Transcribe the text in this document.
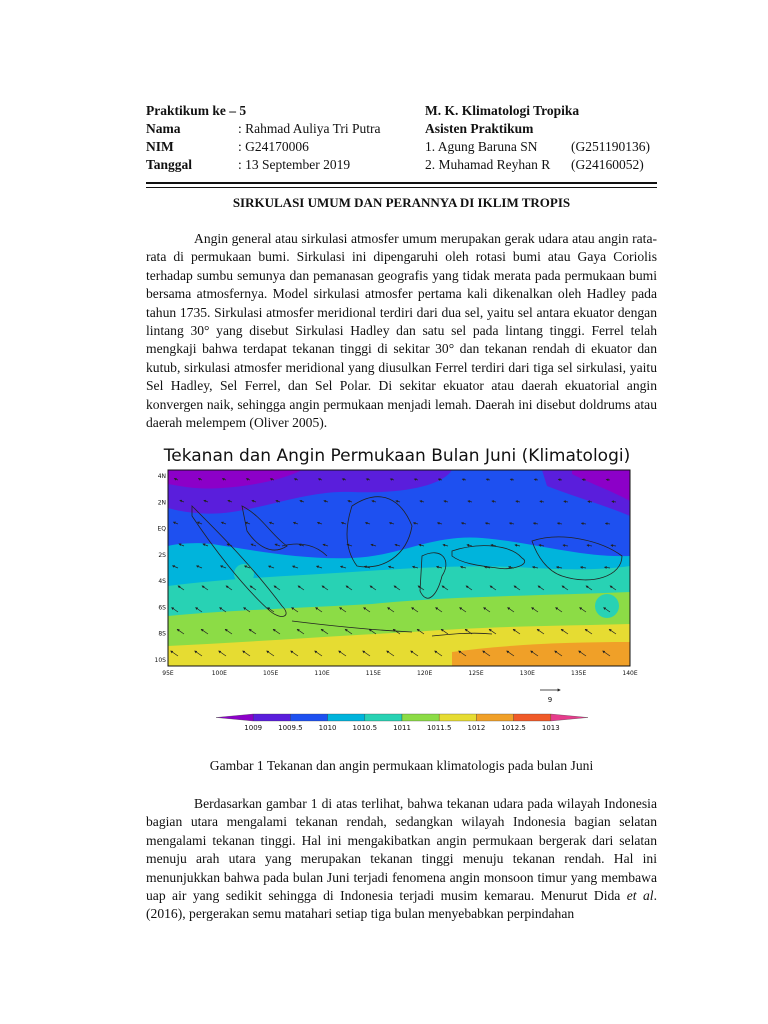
Praktikum ke – 5
Nama	: Rahmad Auliya Tri Putra
NIM	: G24170006
Tanggal	: 13 September 2019
M. K. Klimatologi Tropika
Asisten Praktikum
1. Agung Baruna SN	(G251190136)
2. Muhamad Reyhan R	(G24160052)
SIRKULASI UMUM DAN PERANNYA DI IKLIM TROPIS
Angin general atau sirkulasi atmosfer umum merupakan gerak udara atau angin rata-rata di permukaan bumi. Sirkulasi ini dipengaruhi oleh rotasi bumi atau Gaya Coriolis terhadap sumbu semunya dan pemanasan geografis yang tidak merata pada permukaan bumi bersama atmosfernya. Model sirkulasi atmosfer pertama kali dikenalkan oleh Hadley pada tahun 1735. Sirkulasi atmosfer meridional terdiri dari dua sel, yaitu sel antara ekuator dengan lintang 30° yang disebut Sirkulasi Hadley dan satu sel pada lintang tinggi. Ferrel telah mengkaji bahwa terdapat tekanan tinggi di sekitar 30° dan tekanan rendah di ekuator dan kutub, sirkulasi atmosfer meridional yang diusulkan Ferrel terdiri dari tiga sel sirkulasi, yaitu Sel Hadley, Sel Ferrel, dan Sel Polar. Di sekitar ekuator atau daerah ekuatorial angin konvergen naik, sehingga angin permukaan menjadi lemah. Daerah ini disebut doldrums atau daerah melempem (Oliver 2005).
Tekanan dan Angin Permukaan Bulan Juni (Klimatologi)
4N
2N
EQ
2S
4S
6S
8S
10S
95E	100E	105E	110E	115E	120E	125E	130E	135E	140E
9
1009 1009.5 1010 1010.5 1011 1011.5 1012 1012.5 1013
Gambar 1 Tekanan dan angin permukaan klimatologis pada bulan Juni
Berdasarkan gambar 1 di atas terlihat, bahwa tekanan udara pada wilayah Indonesia bagian utara mengalami tekanan rendah, sedangkan wilayah Indonesia bagian selatan mengalami tekanan tinggi. Hal ini mengakibatkan angin permukaan bergerak dari selatan menuju arah utara yang merupakan tekanan tinggi menuju tekanan rendah. Hal ini menunjukkan bahwa pada bulan Juni terjadi fenomena angin monsoon timur yang membawa uap air yang sedikit sehingga di Indonesia terjadi musim kemarau. Menurut Dida et al. (2016), pergerakan semu matahari setiap tiga bulan menyebabkan perpindahan
